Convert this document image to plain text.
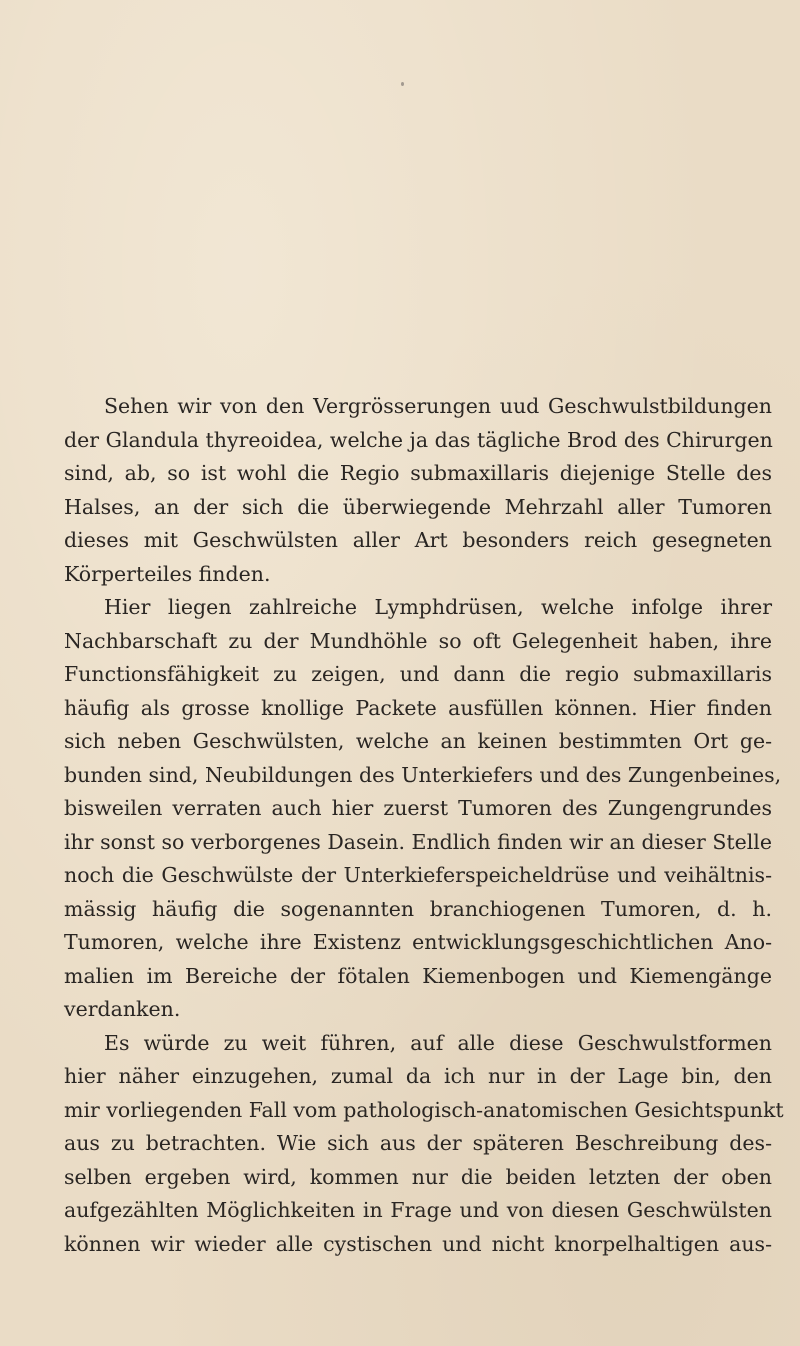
Sehen wir von den Vergrösserungen uud Geschwulstbildungen
der Glandula thyreoidea, welche ja das tägliche Brod des Chirurgen
sind, ab, so ist wohl die Regio submaxillaris diejenige Stelle des
Halses, an der sich die überwiegende Mehrzahl aller Tumoren
dieses mit Geschwülsten aller Art besonders reich gesegneten
Körperteiles finden.
Hier liegen zahlreiche Lymphdrüsen, welche infolge ihrer
Nachbarschaft zu der Mundhöhle so oft Gelegenheit haben, ihre
Functionsfähigkeit zu zeigen, und dann die regio submaxillaris
häufig als grosse knollige Packete ausfüllen können. Hier finden
sich neben Geschwülsten, welche an keinen bestimmten Ort ge-
bunden sind, Neubildungen des Unterkiefers und des Zungenbeines,
bisweilen verraten auch hier zuerst Tumoren des Zungengrundes
ihr sonst so verborgenes Dasein. Endlich finden wir an dieser Stelle
noch die Geschwülste der Unterkieferspeicheldrüse und veihältnis-
mässig häufig die sogenannten branchiogenen Tumoren, d. h.
Tumoren, welche ihre Existenz entwicklungsgeschichtlichen Ano-
malien im Bereiche der fötalen Kiemenbogen und Kiemengänge
verdanken.
Es würde zu weit führen, auf alle diese Geschwulstformen
hier näher einzugehen, zumal da ich nur in der Lage bin, den
mir vorliegenden Fall vom pathologisch-anatomischen Gesichtspunkt
aus zu betrachten. Wie sich aus der späteren Beschreibung des-
selben ergeben wird, kommen nur die beiden letzten der oben
aufgezählten Möglichkeiten in Frage und von diesen Geschwülsten
können wir wieder alle cystischen und nicht knorpelhaltigen aus-
